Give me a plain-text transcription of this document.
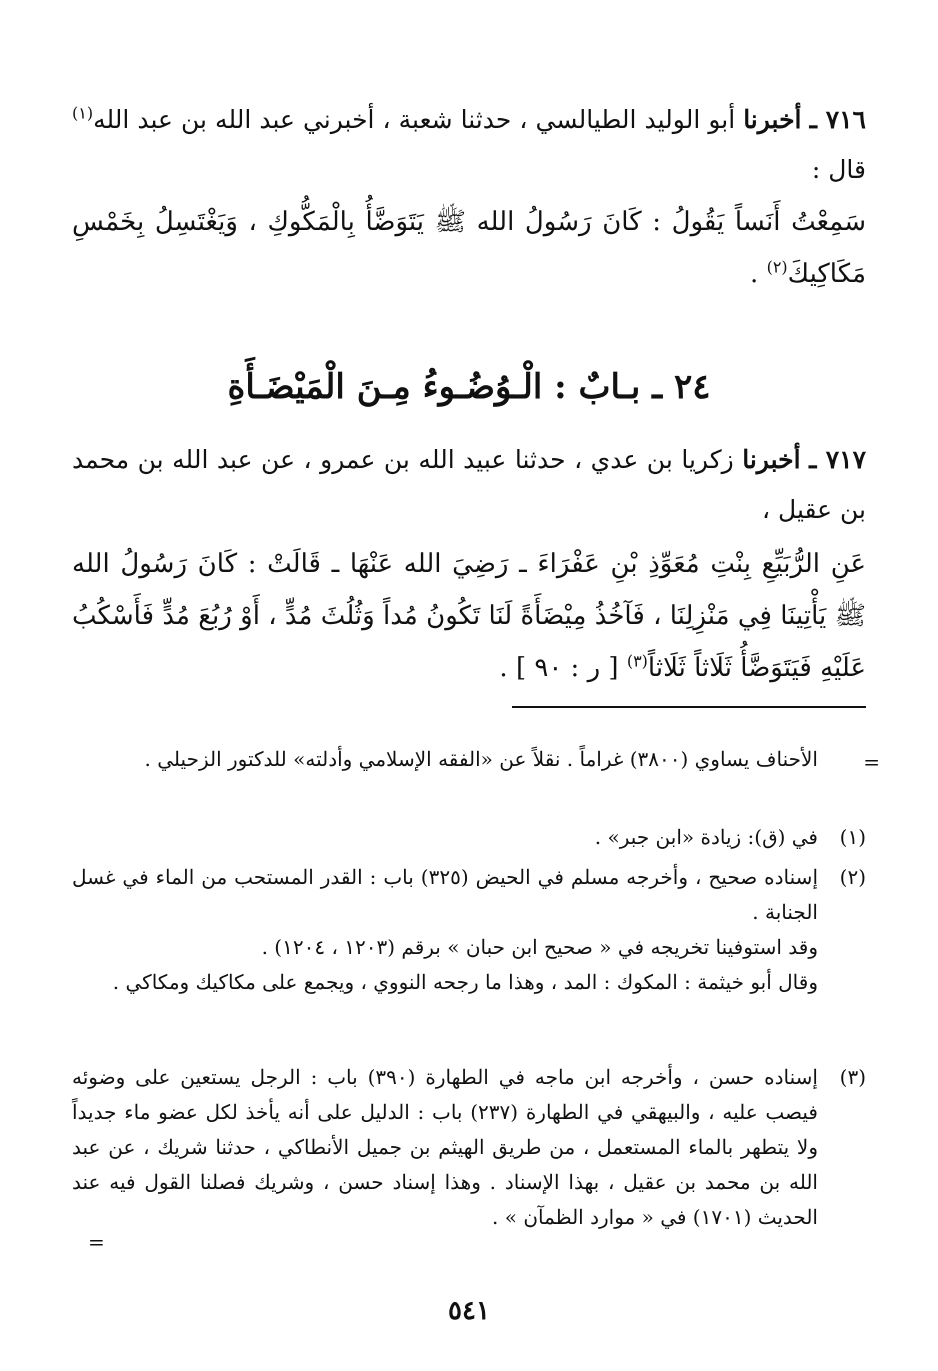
٧١٦ ـ أخبرنا أبو الوليد الطيالسي ، حدثنا شعبة ، أخبرني عبد الله بن عبد الله$^{(١)}$ قال :
سَمِعْتُ أَنَساً يَقُولُ : كَانَ رَسُولُ الله ﷺ يَتَوَضَّأُ بِالْمَكُّوكِ ، وَيَغْتَسِلُ بِخَمْسِ مَكَاكِيكَ$^{(٢)}$ .
٢٤ ـ بـابٌ : الْـوُضُـوءُ مِـنَ الْمَيْضَـأَةِ
٧١٧ ـ أخبرنا زكريا بن عدي ، حدثنا عبيد الله بن عمرو ، عن عبد الله بن محمد بن عقيل ،
عَنِ الرُّبَيِّعِ بِنْتِ مُعَوِّذِ بْنِ عَفْرَاءَ ـ رَضِيَ الله عَنْهَا ـ قَالَتْ : كَانَ رَسُولُ الله ﷺ يَأْتِينَا فِي مَنْزِلِنَا ، فَآخُذُ مِيْضَأَةً لَنَا تَكُونُ مُداً وَثُلُثَ مُدٍّ ، أَوْ رُبُعَ مُدٍّ فَأَسْكُبُ عَلَيْهِ فَيَتَوَضَّأُ ثَلَاثاً ثَلَاثاً$^{(٣)}$ [ ر : ٩٠ ] .
=
الأحناف يساوي (٣٨٠٠) غراماً . نقلاً عن «الفقه الإسلامي وأدلته» للدكتور الزحيلي .
(١)
في (ق): زيادة «ابن جبر» .
(٢)
إسناده صحيح ، وأخرجه مسلم في الحيض (٣٢٥) باب : القدر المستحب من الماء في غسل الجنابة .
وقد استوفينا تخريجه في « صحيح ابن حبان » برقم (١٢٠٣ ، ١٢٠٤) .
وقال أبو خيثمة : المكوك : المد ، وهذا ما رجحه النووي ، ويجمع على مكاكيك ومكاكي .
(٣)
إسناده حسن ، وأخرجه ابن ماجه في الطهارة (٣٩٠) باب : الرجل يستعين على وضوئه فيصب عليه ، والبيهقي في الطهارة (٢٣٧) باب : الدليل على أنه يأخذ لكل عضو ماء جديداً ولا يتطهر بالماء المستعمل ، من طريق الهيثم بن جميل الأنطاكي ، حدثنا شريك ، عن عبد الله بن محمد بن عقيل ، بهذا الإسناد . وهذا إسناد حسن ، وشريك فصلنا القول فيه عند الحديث (١٧٠١) في « موارد الظمآن » .
=
٥٤١
